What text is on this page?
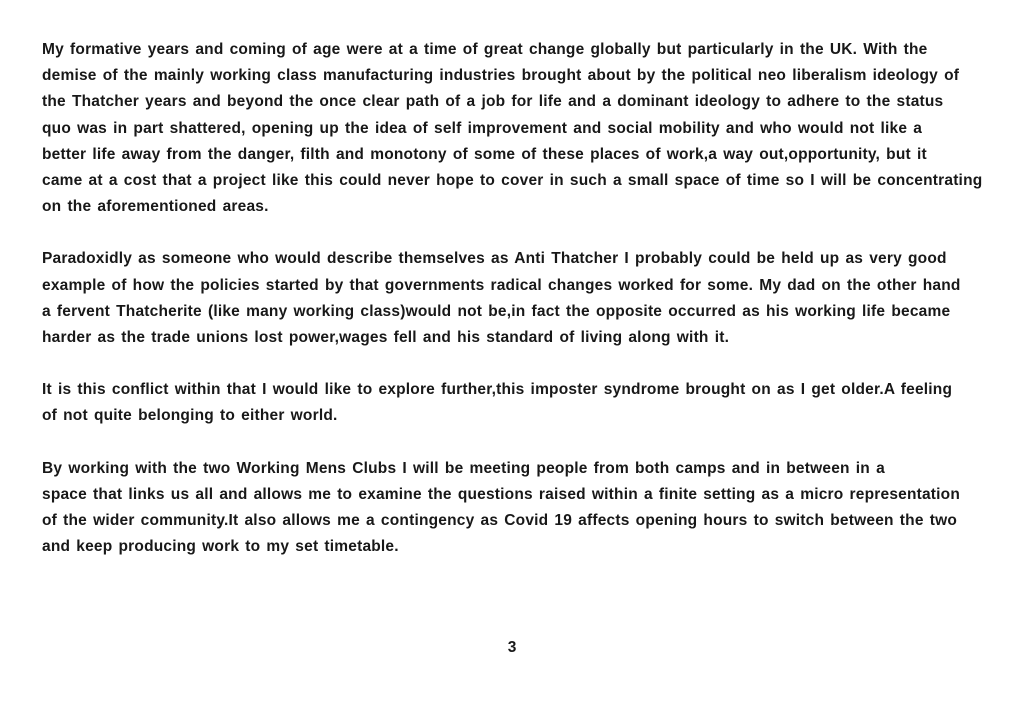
My formative years and coming of age were at a time of great change globally but particularly in the UK. With the
demise of the mainly working class manufacturing industries brought about by the political neo liberalism ideology of
the Thatcher years and beyond the once clear path of a job for life and a dominant ideology to adhere to the status
quo was in part shattered, opening up the idea of self improvement and social mobility and who would not like a
better life away from the danger, filth and monotony of some of these places of work,a way out,opportunity, but it
came at a cost that a project like this could never hope to cover in such a small space of time so I will be concentrating
on the aforementioned areas.
Paradoxidly as someone who would describe themselves as Anti Thatcher I probably could be held up as very good
example of how the policies started by that governments radical changes worked for some. My dad on the other hand
a fervent Thatcherite (like many working class)would not be,in fact the opposite occurred as his working life became
harder as the trade unions lost power,wages fell and his standard of living along with it.
It is this conflict within that I would like to explore further,this imposter syndrome brought on as I get older.A feeling
of not quite belonging to either world.
By working with the two Working Mens Clubs I will be meeting people from both camps and in between in a
space that links us all and allows me to examine the questions raised within a finite setting as a micro representation
of the wider community.It also allows me a contingency as Covid 19 affects opening hours to switch between the two
and keep producing work to my set timetable.
3
